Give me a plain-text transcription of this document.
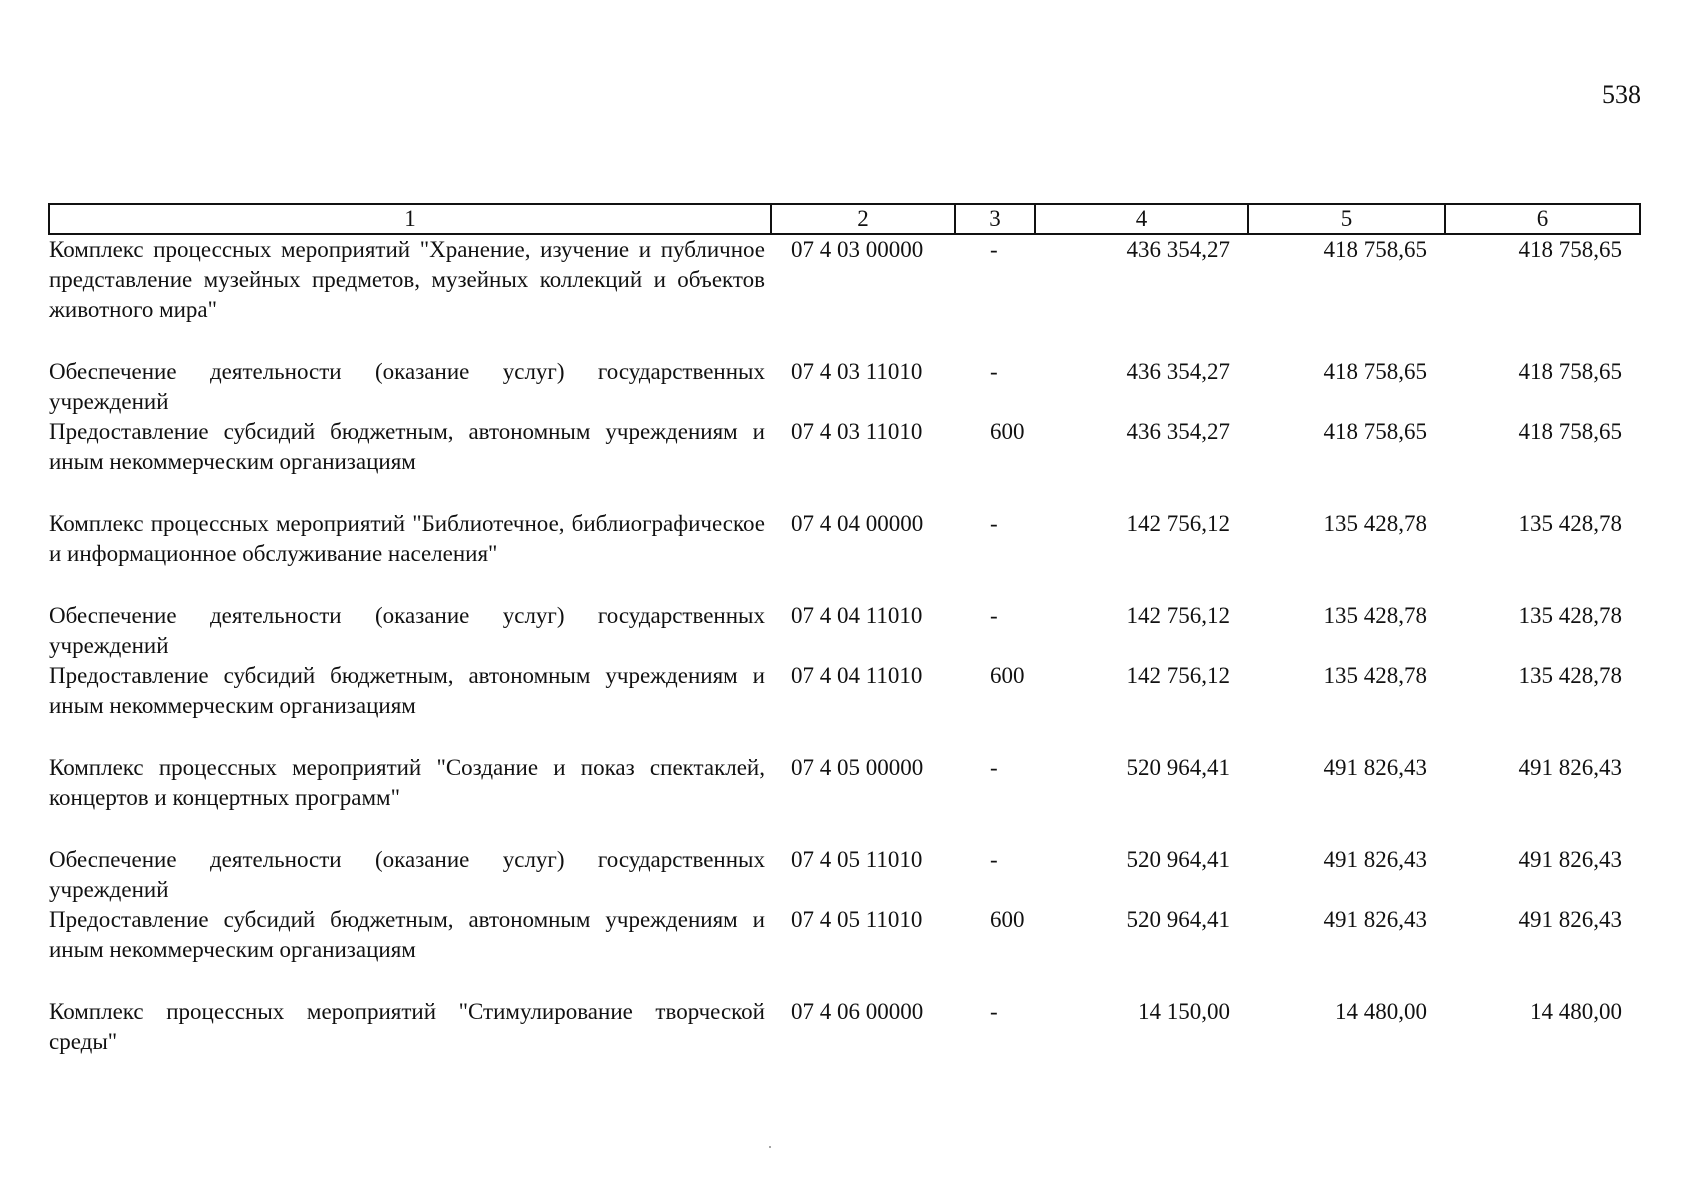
538
1	2	3	4	5	6
Комплекс процессных мероприятий "Хранение, изучение и публичное представление музейных предметов, музейных коллекций и объектов животного мира"	07 4 03 00000	-	436 354,27	418 758,65	418 758,65
Обеспечение деятельности (оказание услуг) государственных учреждений	07 4 03 11010	-	436 354,27	418 758,65	418 758,65
Предоставление субсидий бюджетным, автономным учреждениям и иным некоммерческим организациям	07 4 03 11010	600	436 354,27	418 758,65	418 758,65
Комплекс процессных мероприятий "Библиотечное, библиографическое и информационное обслуживание населения"	07 4 04 00000	-	142 756,12	135 428,78	135 428,78
Обеспечение деятельности (оказание услуг) государственных учреждений	07 4 04 11010	-	142 756,12	135 428,78	135 428,78
Предоставление субсидий бюджетным, автономным учреждениям и иным некоммерческим организациям	07 4 04 11010	600	142 756,12	135 428,78	135 428,78
Комплекс процессных мероприятий "Создание и показ спектаклей, концертов и концертных программ"	07 4 05 00000	-	520 964,41	491 826,43	491 826,43
Обеспечение деятельности (оказание услуг) государственных учреждений	07 4 05 11010	-	520 964,41	491 826,43	491 826,43
Предоставление субсидий бюджетным, автономным учреждениям и иным некоммерческим организациям	07 4 05 11010	600	520 964,41	491 826,43	491 826,43
Комплекс процессных мероприятий "Стимулирование творческой среды"	07 4 06 00000	-	14 150,00	14 480,00	14 480,00
